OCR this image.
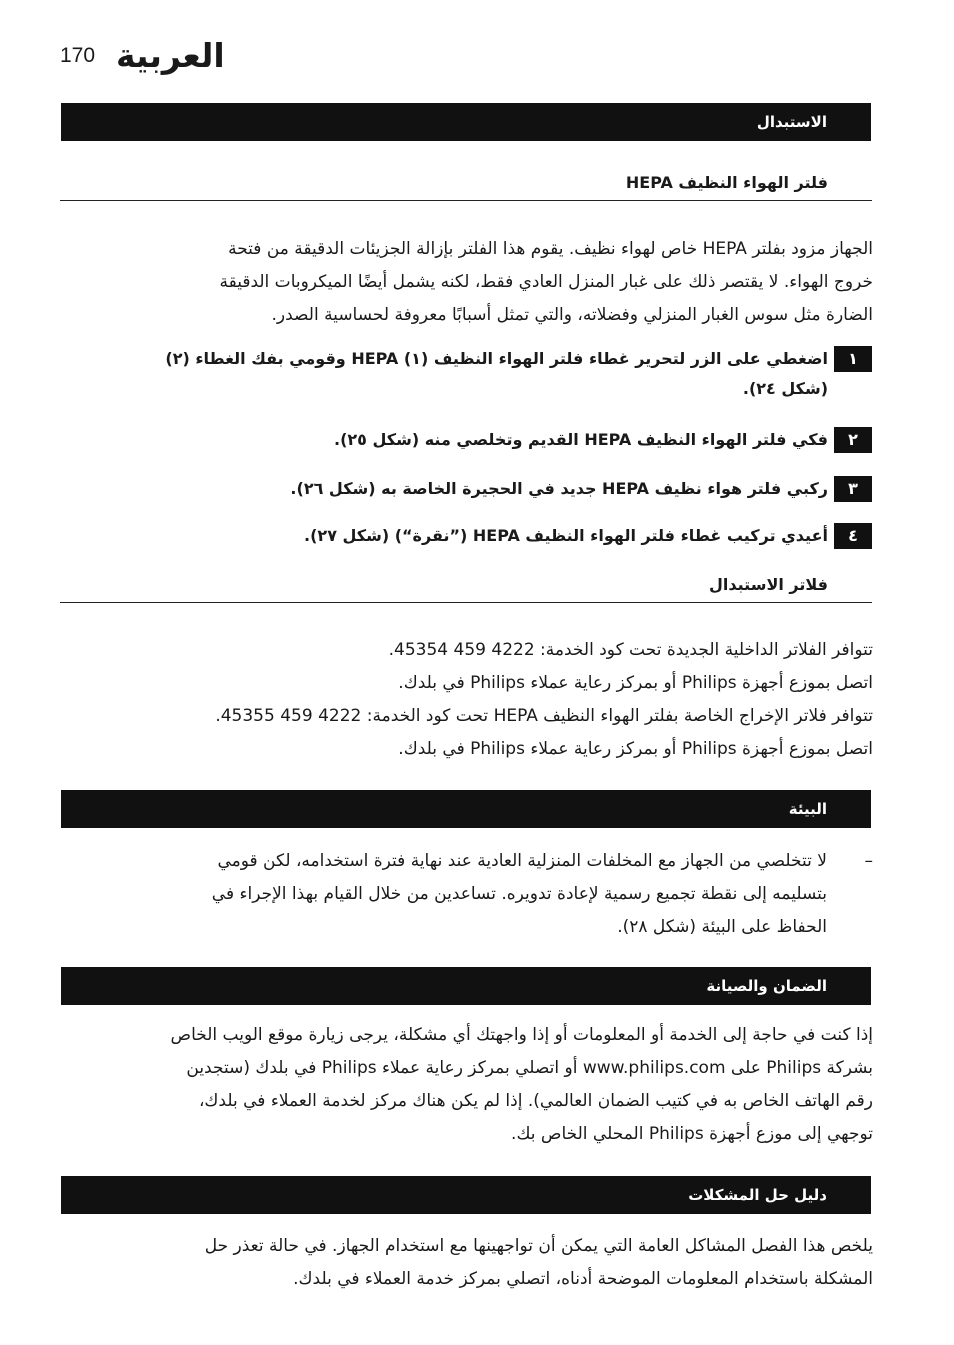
170 العربية
الاستبدال
فلتر الهواء النظيف HEPA

الجهاز مزود بفلتر HEPA خاص لهواء نظيف. يقوم هذا الفلتر بإزالة الجزيئات الدقيقة من فتحة

خروج الهواء. لا يقتصر ذلك على غبار المنزل العادي فقط، لكنه يشمل أيضًا الميكروبات الدقيقة

الضارة مثل سوس الغبار المنزلي وفضلاته، والتي تمثل أسبابًا معروفة لحساسية الصدر.

١
اضغطي على الزر لتحرير غطاء فلتر الهواء النظيف (١) HEPA وقومي بفك الغطاء (٢)
(شكل ٢٤).
٢
فكي فلتر الهواء النظيف HEPA القديم وتخلصي منه (شكل ٢٥).
٣
ركبي فلتر هواء نظيف HEPA جديد في الحجيرة الخاصة به (شكل ٢٦).
٤
أعيدي تركيب غطاء فلتر الهواء النظيف HEPA (”نقرة“) (شكل ٢٧).
فلاتر الاستبدال

تتوافر الفلاتر الداخلية الجديدة تحت كود الخدمة: 4222 459 45354.

اتصل بموزع أجهزة Philips أو بمركز رعاية عملاء Philips في بلدك.

تتوافر فلاتر الإخراج الخاصة بفلتر الهواء النظيف HEPA تحت كود الخدمة: 4222 459 45355.

اتصل بموزع أجهزة Philips أو بمركز رعاية عملاء Philips في بلدك.

البيئة
–
لا تتخلصي من الجهاز مع المخلفات المنزلية العادية عند نهاية فترة استخدامه، لكن قومي
بتسليمه إلى نقطة تجميع رسمية لإعادة تدويره. تساعدين من خلال القيام بهذا الإجراء في
الحفاظ على البيئة (شكل ٢٨).
الضمان والصيانة

إذا كنت في حاجة إلى الخدمة أو المعلومات أو إذا واجهتك أي مشكلة، يرجى زيارة موقع الويب الخاص

بشركة Philips على www.philips.com أو اتصلي بمركز رعاية عملاء Philips في بلدك (ستجدين

رقم الهاتف الخاص به في كتيب الضمان العالمي). إذا لم يكن هناك مركز لخدمة العملاء في بلدك،

توجهي إلى موزع أجهزة Philips المحلي الخاص بك.

دليل حل المشكلات

يلخص هذا الفصل المشاكل العامة التي يمكن أن تواجهينها مع استخدام الجهاز. في حالة تعذر حل

المشكلة باستخدام المعلومات الموضحة أدناه، اتصلي بمركز خدمة العملاء في بلدك.
